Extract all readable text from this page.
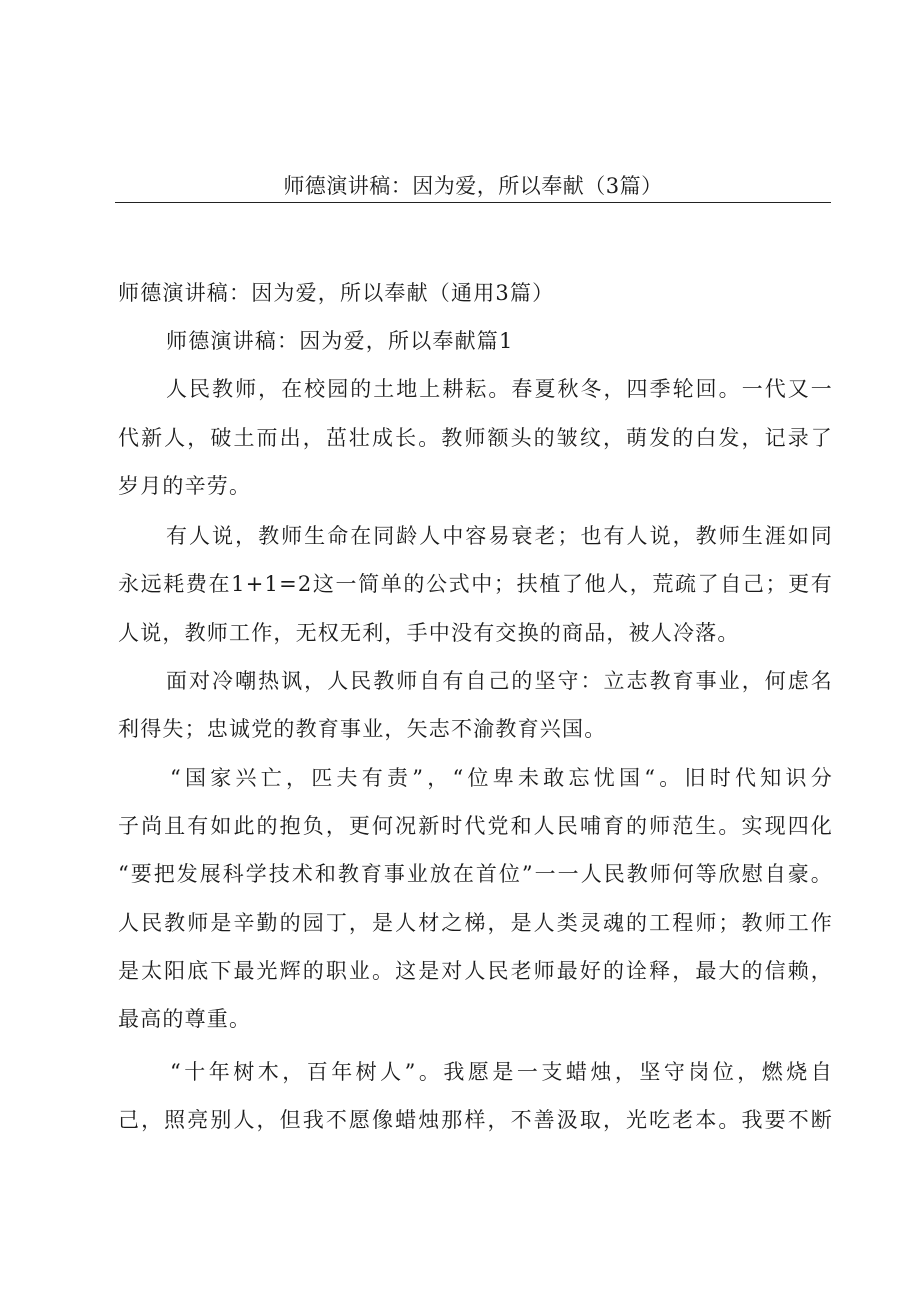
师德演讲稿：因为爱，所以奉献（3篇）
师德演讲稿：因为爱，所以奉献（通用3篇）
师德演讲稿：因为爱，所以奉献篇1
人民教师，在校园的土地上耕耘。春夏秋冬，四季轮回。一代又一
代新人，破土而出，茁壮成长。教师额头的皱纹，萌发的白发，记录了
岁月的辛劳。
有人说，教师生命在同龄人中容易衰老；也有人说，教师生涯如同
永远耗费在1+1=2这一简单的公式中；扶植了他人，荒疏了自己；更有
人说，教师工作，无权无利，手中没有交换的商品，被人冷落。
面对冷嘲热讽，人民教师自有自己的坚守：立志教育事业，何虑名
利得失；忠诚党的教育事业，矢志不渝教育兴国。
“国家兴亡，匹夫有责”，“位卑未敢忘忧国“。旧时代知识分
子尚且有如此的抱负，更何况新时代党和人民哺育的师范生。实现四化
“要把发展科学技术和教育事业放在首位”一一人民教师何等欣慰自豪。
人民教师是辛勤的园丁，是人材之梯，是人类灵魂的工程师；教师工作
是太阳底下最光辉的职业。这是对人民老师最好的诠释，最大的信赖，
最高的尊重。
“十年树木，百年树人”。我愿是一支蜡烛，坚守岗位，燃烧自
己，照亮别人，但我不愿像蜡烛那样，不善汲取，光吃老本。我要不断
